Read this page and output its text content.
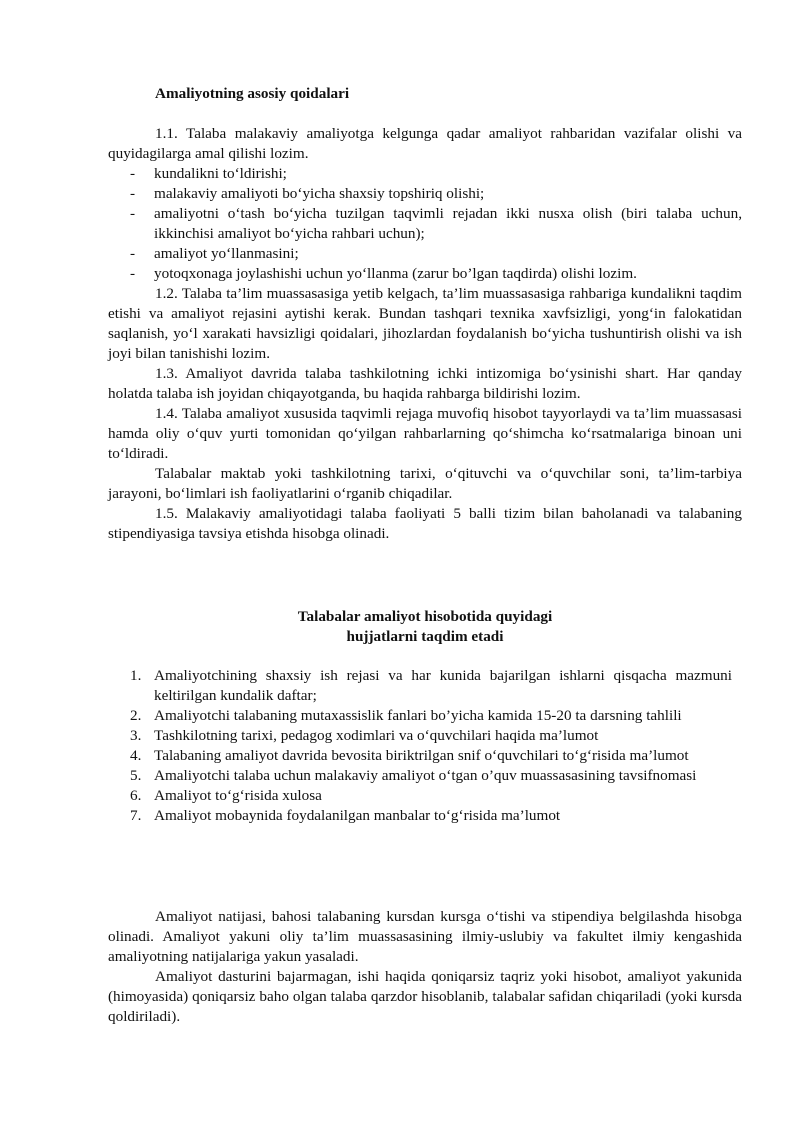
Amaliyotning asosiy qoidalari

1.1. Talaba malakaviy amaliyotga kelgunga qadar amaliyot rahbaridan vazifalar olishi va quyidagilarga amal qilishi lozim.

- kundalikni to‘ldirishi;
- malakaviy amaliyoti bo‘yicha shaxsiy topshiriq olishi;
- amaliyotni o‘tash bo‘yicha tuzilgan taqvimli rejadan ikki nusxa olish (biri talaba uchun, ikkinchisi amaliyot bo‘yicha rahbari uchun);
- amaliyot yo‘llanmasini;
- yotoqxonaga joylashishi uchun yo‘llanma (zarur bo’lgan taqdirda) olishi lozim.

1.2. Talaba ta’lim muassasasiga yetib kelgach, ta’lim muassasasiga rahbariga kundalikni taqdim etishi va amaliyot rejasini aytishi kerak. Bundan tashqari texnika xavfsizligi, yong‘in falokatidan saqlanish, yo‘l xarakati havsizligi qoidalari, jihozlardan foydalanish bo‘yicha tushuntirish olishi va ish joyi bilan tanishishi lozim.

1.3. Amaliyot davrida talaba tashkilotning ichki intizomiga bo‘ysinishi shart. Har qanday holatda talaba ish joyidan chiqayotganda, bu haqida rahbarga bildirishi lozim.

1.4. Talaba amaliyot xususida taqvimli rejaga muvofiq hisobot tayyorlaydi va ta’lim muassasasi hamda oliy o‘quv yurti tomonidan qo‘yilgan rahbarlarning qo‘shimcha ko‘rsatmalariga binoan uni to‘ldiradi.

Talabalar maktab yoki tashkilotning tarixi, o‘qituvchi va o‘quvchilar soni, ta’lim-tarbiya jarayoni, bo‘limlari ish faoliyatlarini o‘rganib chiqadilar.

1.5. Malakaviy amaliyotidagi talaba faoliyati 5 balli tizim bilan baholanadi va talabaning stipendiyasiga tavsiya etishda hisobga olinadi.

Talabalar amaliyot hisobotida quyidagi
hujjatlarni taqdim etadi
1. Amaliyotchining shaxsiy ish rejasi va har kunida bajarilgan ishlarni qisqacha mazmuni keltirilgan kundalik daftar;
2. Amaliyotchi talabaning mutaxassislik fanlari bo’yicha kamida 15-20 ta darsning tahlili
3. Tashkilotning tarixi, pedagog xodimlari va o‘quvchilari haqida ma’lumot
4. Talabaning amaliyot davrida bevosita biriktrilgan snif o‘quvchilari to‘g‘risida ma’lumot
5. Amaliyotchi talaba uchun malakaviy amaliyot o‘tgan o’quv muassasasining tavsifnomasi
6. Amaliyot to‘g‘risida xulosa
7. Amaliyot mobaynida foydalanilgan manbalar to‘g‘risida ma’lumot

Amaliyot natijasi, bahosi talabaning kursdan kursga o‘tishi va stipendiya belgilashda hisobga olinadi. Amaliyot yakuni oliy ta’lim muassasasining ilmiy-uslubiy va fakultet ilmiy kengashida amaliyotning natijalariga yakun yasaladi.

Amaliyot dasturini bajarmagan, ishi haqida qoniqarsiz taqriz yoki hisobot, amaliyot yakunida (himoyasida) qoniqarsiz baho olgan talaba qarzdor hisoblanib, talabalar safidan chiqariladi (yoki kursda qoldiriladi).
